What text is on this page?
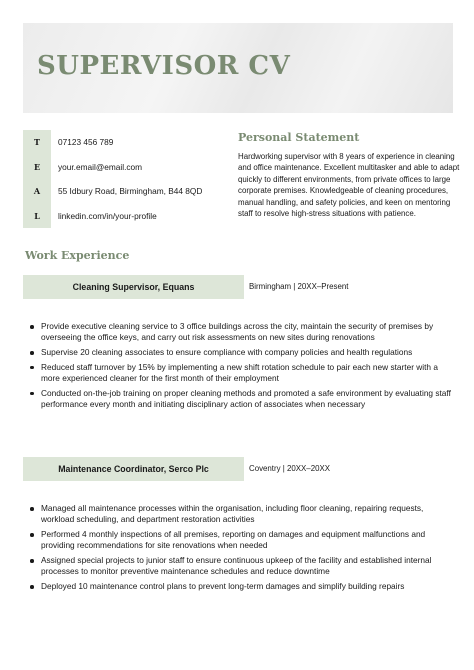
SUPERVISOR CV
T	07123 456 789
E	your.email@email.com
A	55 Idbury Road, Birmingham, B44 8QD
L	linkedin.com/in/your-profile
Personal Statement
Hardworking supervisor with 8 years of experience in cleaning and office maintenance. Excellent multitasker and able to adapt quickly to different environments, from private offices to large corporate premises. Knowledgeable of cleaning procedures, manual handling, and safety policies, and keen on mentoring staff to resolve high-stress situations with patience.
Work Experience
Cleaning Supervisor, Equans	Birmingham | 20XX–Present
Provide executive cleaning service to 3 office buildings across the city, maintain the security of premises by overseeing the office keys, and carry out risk assessments on new sites during renovations
Supervise 20 cleaning associates to ensure compliance with company policies and health regulations
Reduced staff turnover by 15% by implementing a new shift rotation schedule to pair each new starter with a more experienced cleaner for the first month of their employment
Conducted on-the-job training on proper cleaning methods and promoted a safe environment by evaluating staff performance every month and initiating disciplinary action of associates when necessary
Maintenance Coordinator, Serco Plc	Coventry | 20XX–20XX
Managed all maintenance processes within the organisation, including floor cleaning, repairing requests, workload scheduling, and department restoration activities
Performed 4 monthly inspections of all premises, reporting on damages and equipment malfunctions and providing recommendations for site renovations when needed
Assigned special projects to junior staff to ensure continuous upkeep of the facility and established internal processes to monitor preventive maintenance schedules and reduce downtime
Deployed 10 maintenance control plans to prevent long-term damages and simplify building repairs
